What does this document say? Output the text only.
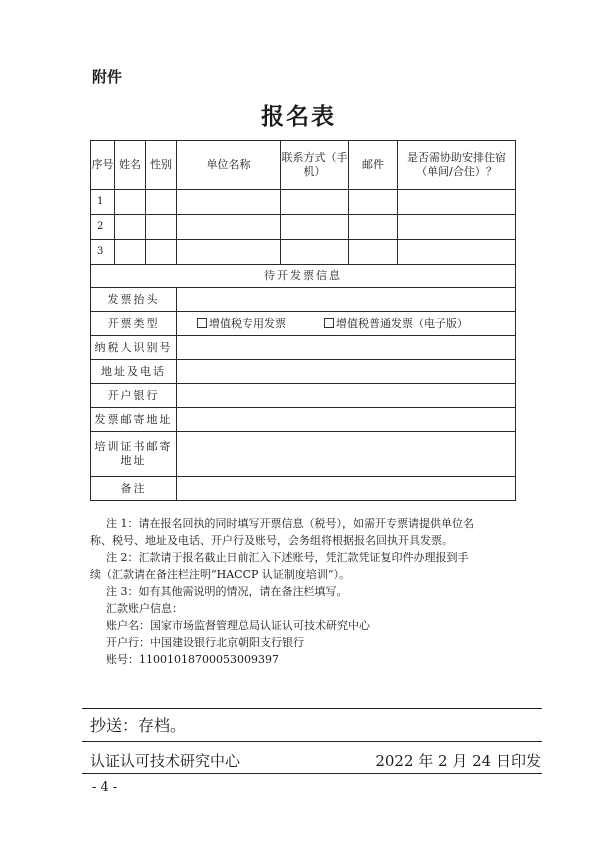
附件
报名表
序号	姓名	性别	单位名称	联系方式（手机）	邮件	是否需协助安排住宿（单间/合住）？
1						
2						
3						
待开发票信息						
发票抬头						
开票类型			增值税专用发票 增值税普通发票（电子版）			
纳税人识别号						
地址及电话						
开户银行						
发票邮寄地址						
培训证书邮寄地址						
备注						
注 1：请在报名回执的同时填写开票信息（税号），如需开专票请提供单位名
称、税号、地址及电话、开户行及账号，会务组将根据报名回执开具发票。
注 2：汇款请于报名截止日前汇入下述账号，凭汇款凭证复印件办理报到手
续（汇款请在备注栏注明“HACCP 认证制度培训”）。
注 3：如有其他需说明的情况，请在备注栏填写。
汇款账户信息：
账户名：国家市场监督管理总局认证认可技术研究中心
开户行：中国建设银行北京朝阳支行银行
账号：11001018700053009397
抄送：存档。
认证认可技术研究中心	2022 年 2 月 24 日印发
- 4 -
